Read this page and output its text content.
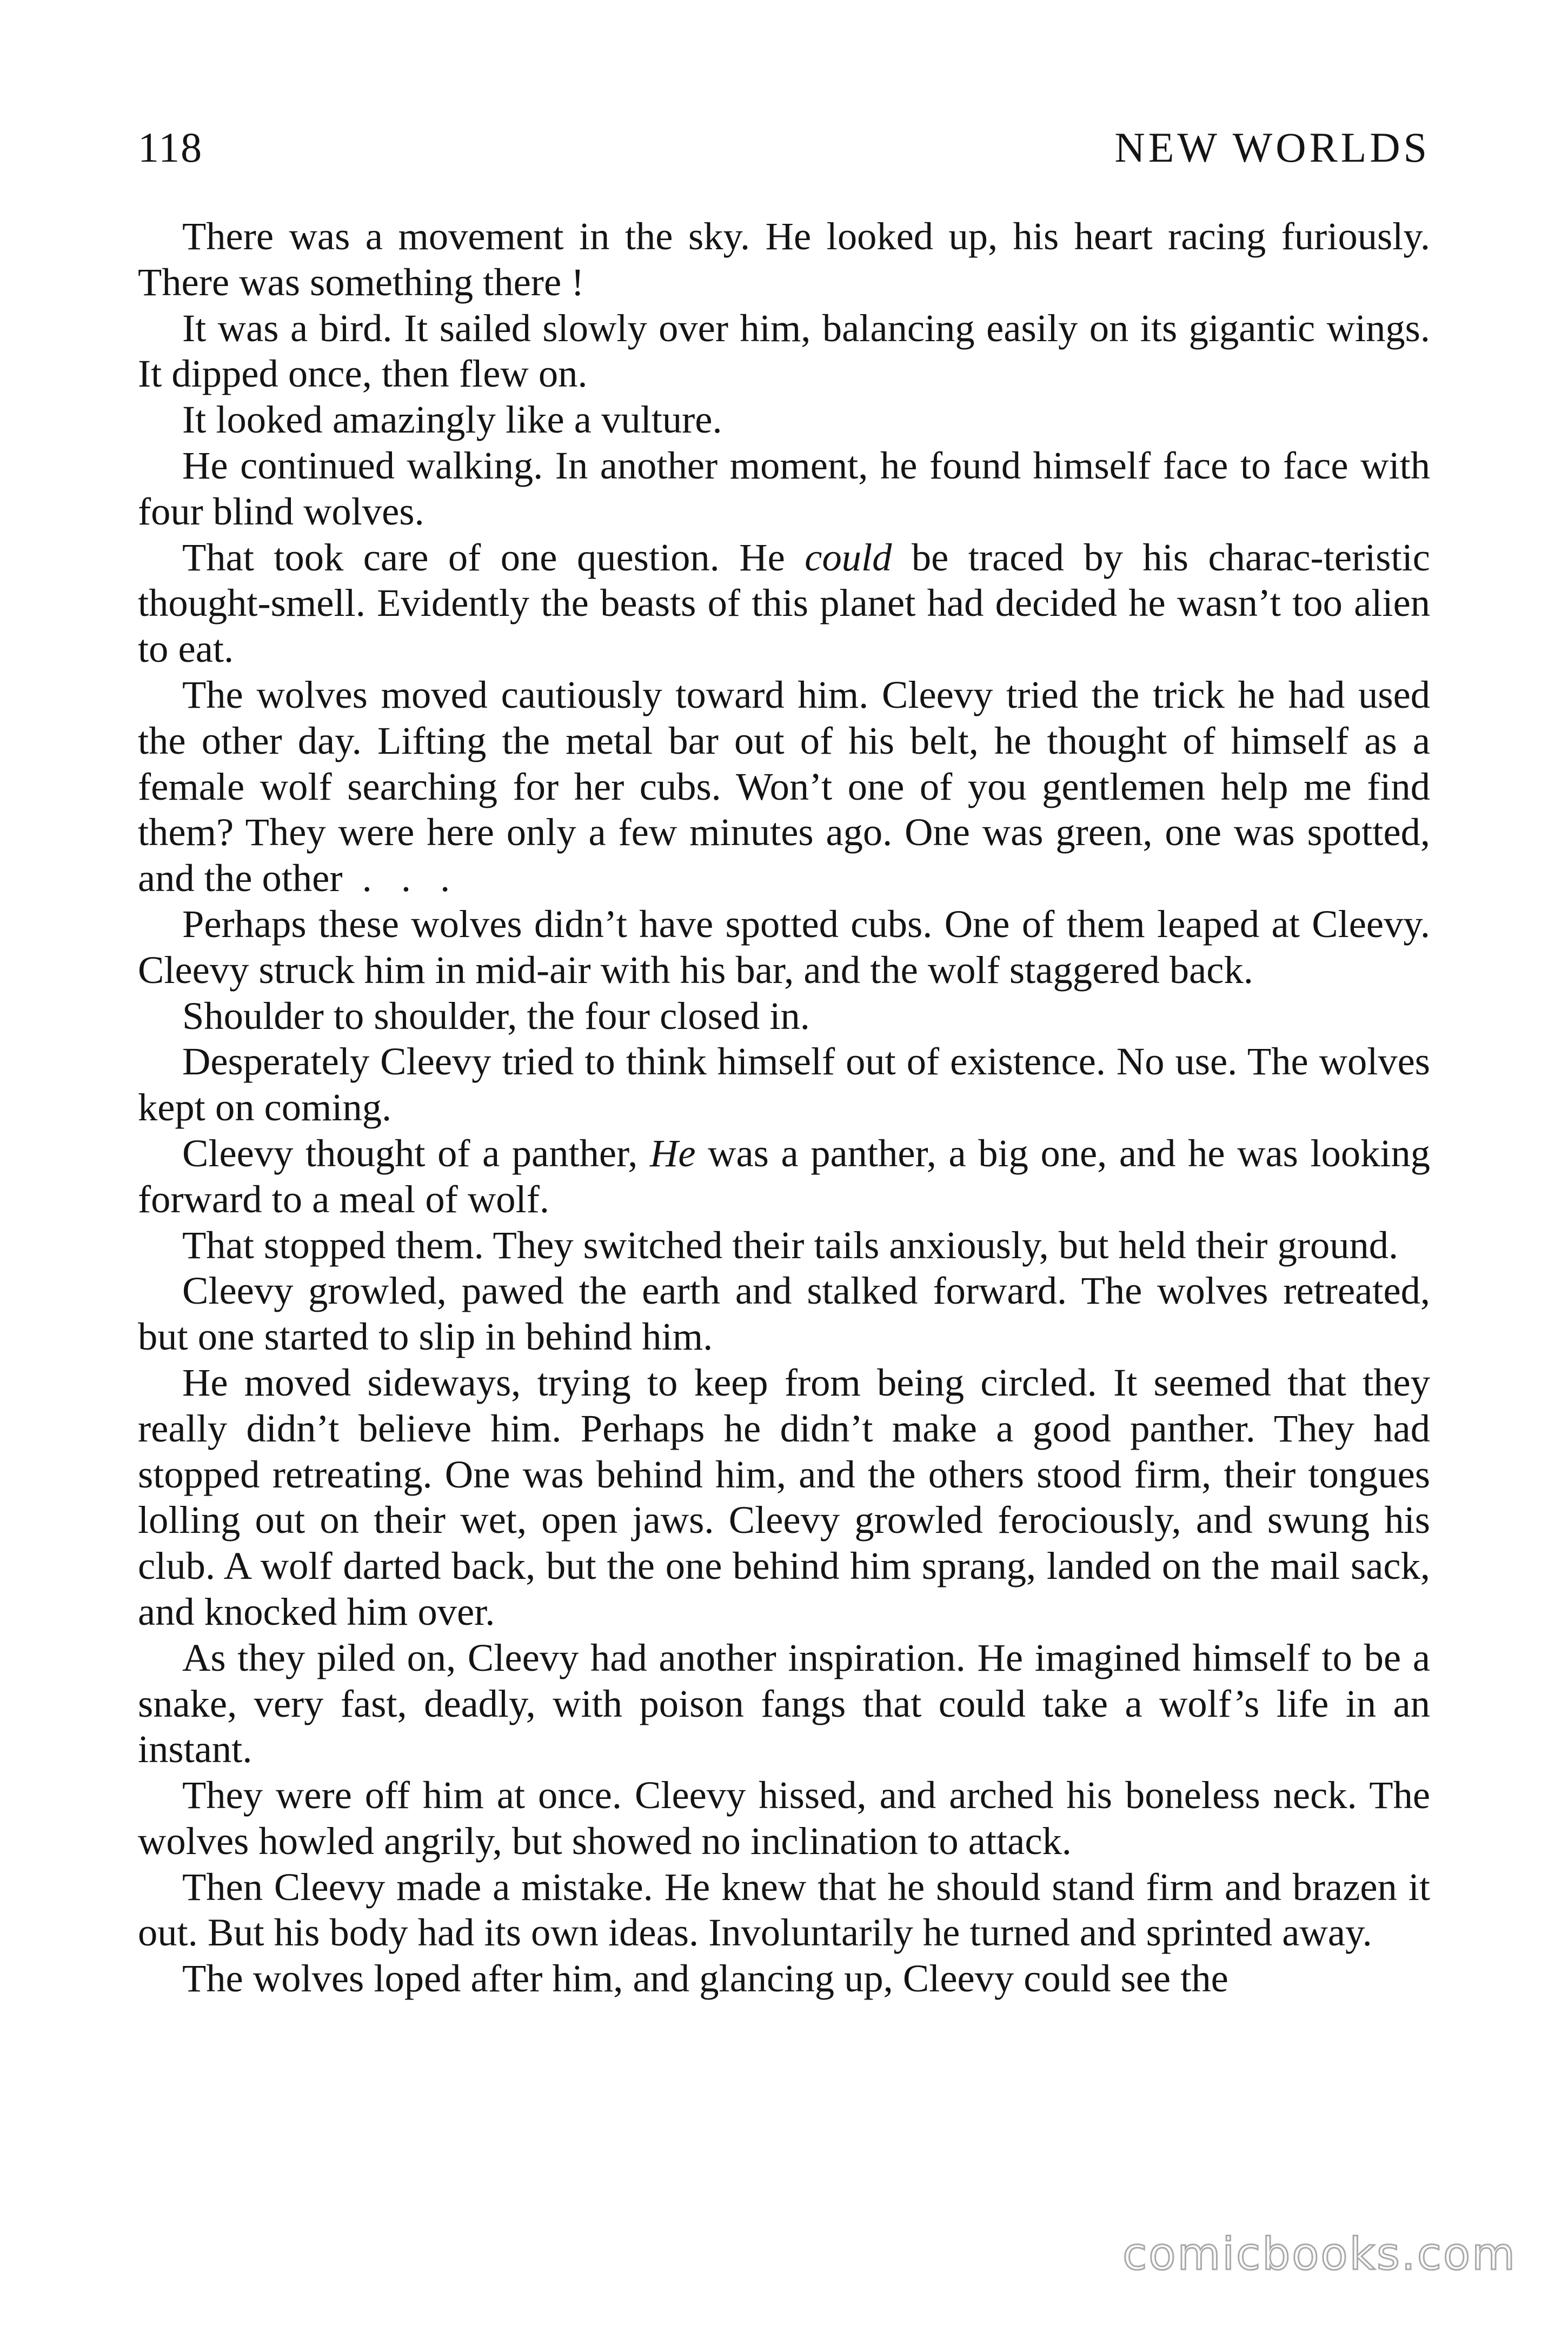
118	NEW WORLDS

There was a movement in the sky. He looked up, his heart racing furiously. There was something there !

It was a bird. It sailed slowly over him, balancing easily on its gigantic wings. It dipped once, then flew on.

It looked amazingly like a vulture.

He continued walking. In another moment, he found himself face to face with four blind wolves.

That took care of one question. He could be traced by his charac-teristic thought-smell. Evidently the beasts of this planet had decided he wasn’t too alien to eat.

The wolves moved cautiously toward him. Cleevy tried the trick he had used the other day. Lifting the metal bar out of his belt, he thought of himself as a female wolf searching for her cubs. Won’t one of you gentlemen help me find them? They were here only a few minutes ago. One was green, one was spotted, and the other . . .

Perhaps these wolves didn’t have spotted cubs. One of them leaped at Cleevy. Cleevy struck him in mid-air with his bar, and the wolf staggered back.

Shoulder to shoulder, the four closed in.

Desperately Cleevy tried to think himself out of existence. No use. The wolves kept on coming.

Cleevy thought of a panther, He was a panther, a big one, and he was looking forward to a meal of wolf.

That stopped them. They switched their tails anxiously, but held their ground.

Cleevy growled, pawed the earth and stalked forward. The wolves retreated, but one started to slip in behind him.

He moved sideways, trying to keep from being circled. It seemed that they really didn’t believe him. Perhaps he didn’t make a good panther. They had stopped retreating. One was behind him, and the others stood firm, their tongues lolling out on their wet, open jaws. Cleevy growled ferociously, and swung his club. A wolf darted back, but the one behind him sprang, landed on the mail sack, and knocked him over.

As they piled on, Cleevy had another inspiration. He imagined himself to be a snake, very fast, deadly, with poison fangs that could take a wolf’s life in an instant.

They were off him at once. Cleevy hissed, and arched his boneless neck. The wolves howled angrily, but showed no inclination to attack.

Then Cleevy made a mistake. He knew that he should stand firm and brazen it out. But his body had its own ideas. Involuntarily he turned and sprinted away.

The wolves loped after him, and glancing up, Cleevy could see the

comicbooks.com
